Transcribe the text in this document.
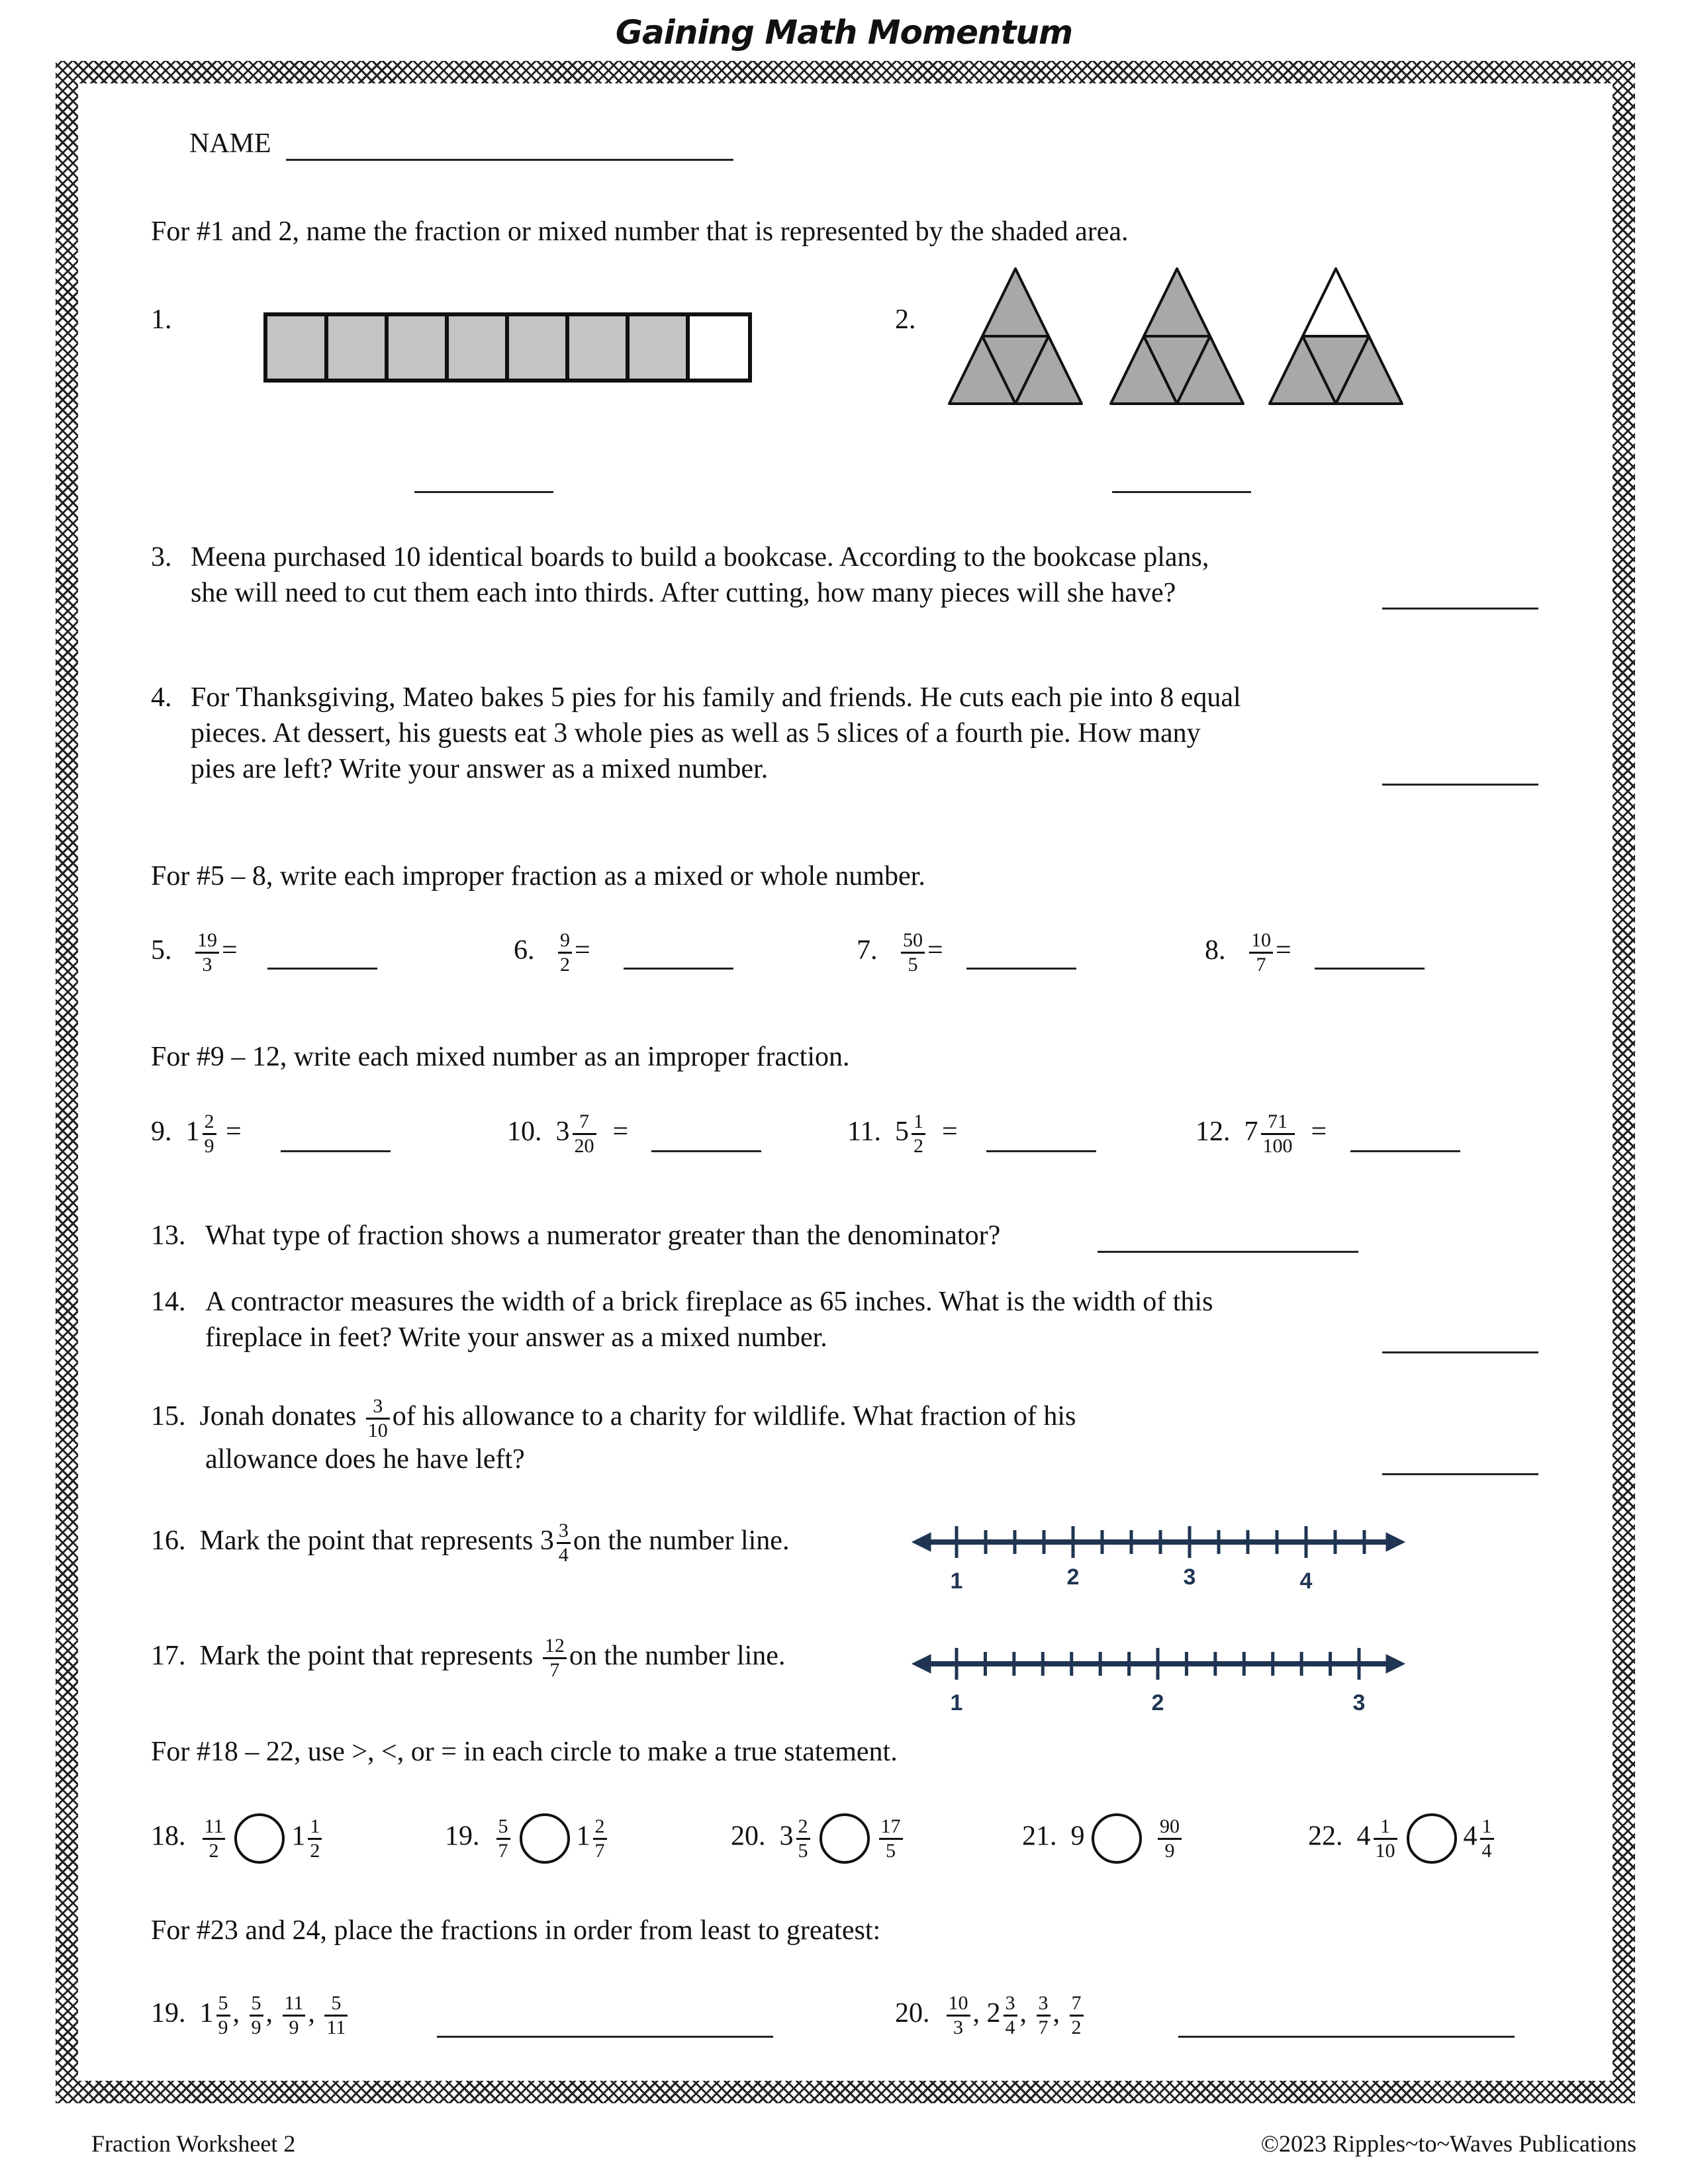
Gaining Math Momentum
NAME
For #1 and 2, name the fraction or mixed number that is represented by the shaded area.
1.	2.
3. Meena purchased 10 identical boards to build a bookcase. According to the bookcase plans,
she will need to cut them each into thirds. After cutting, how many pieces will she have?
4. For Thanksgiving, Mateo bakes 5 pies for his family and friends. He cuts each pie into 8 equal
pieces. At dessert, his guests eat 3 whole pies as well as 5 slices of a fourth pie. How many
pies are left? Write your answer as a mixed number.
For #5 – 8, write each improper fraction as a mixed or whole number.
5. $\frac{19}{3}$ =	6. $\frac{9}{2}$ =	7. $\frac{50}{5}$ =	8. $\frac{10}{7}$ =
For #9 – 12, write each mixed number as an improper fraction.
9. $1 \frac{2}{9}$ =	10. $3 \frac{7}{20}$ =	11. $5 \frac{1}{2}$ =	12. $7 \frac{71}{100}$ =
13. What type of fraction shows a numerator greater than the denominator?
14. A contractor measures the width of a brick fireplace as 65 inches. What is the width of this
fireplace in feet? Write your answer as a mixed number.
15. Jonah donates $\frac{3}{10}$ of his allowance to a charity for wildlife. What fraction of his
allowance does he have left?
16. Mark the point that represents $3 \frac{3}{4}$ on the number line.
1	2	3	4
17. Mark the point that represents $\frac{12}{7}$ on the number line.
1	2	3
For #18 – 22, use >, <, or = in each circle to make a true statement.
18. $\frac{11}{2} 1 \frac{1}{2}$	19. $\frac{5}{7} 1 \frac{2}{7}$	20. $3 \frac{2}{5}$	$\frac{17}{5}$	21. 9	$\frac{90}{9}$	22. $4 \frac{1}{10} 4 \frac{1}{4}$
For #23 and 24, place the fractions in order from least to greatest:
19. $1 \frac{5}{9}$ , $\frac{5}{9}$ , $\frac{11}{9}$ , $\frac{5}{11}$	20. $\frac{10}{3}$ , $2 \frac{3}{4}$ , $\frac{3}{7}$ , $\frac{7}{2}$
Fraction Worksheet 2	©2023 Ripples~to~Waves Publications
